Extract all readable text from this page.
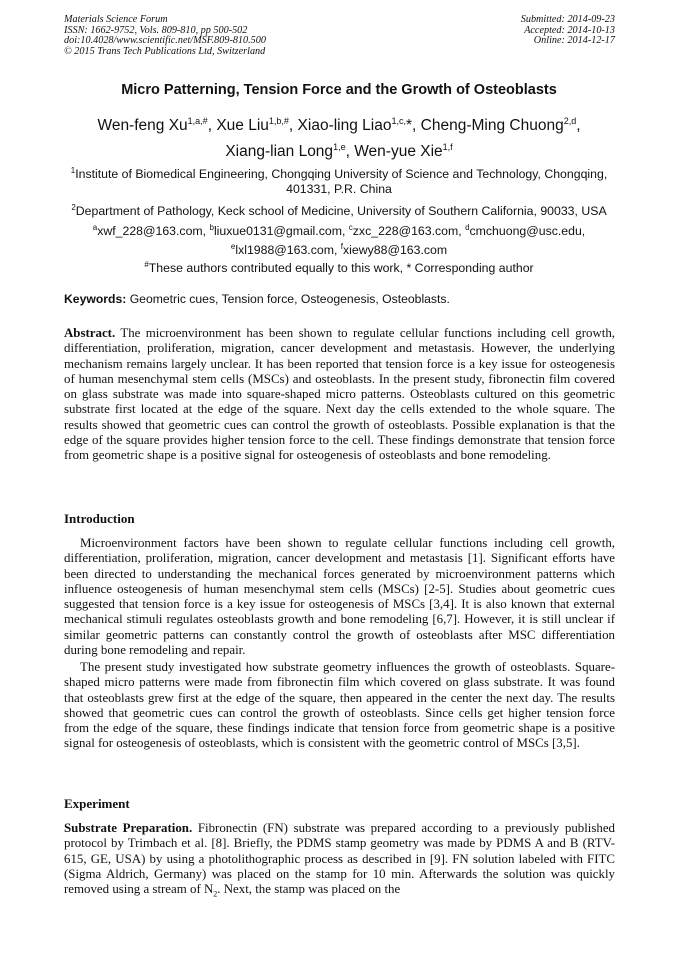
Materials Science Forum
ISSN: 1662-9752, Vols. 809-810, pp 500-502
doi:10.4028/www.scientific.net/MSF.809-810.500
© 2015 Trans Tech Publications Ltd, Switzerland
Submitted: 2014-09-23
Accepted: 2014-10-13
Online: 2014-12-17
Micro Patterning, Tension Force and the Growth of Osteoblasts
Wen-feng $Xu^{1,a,\#}$, Xue Liu$^{1,b,\#}$, Xiao-ling Liao$^{1,c,}$*, Cheng-Ming Chuong$^{2,d}$,
Xiang-lian Long$^{1,e}$, Wen-yue Xie$^{1,f}$
$^1$Institute of Biomedical Engineering, Chongqing University of Science and Technology, Chongqing, 401331, P.R. China
$^2$Department of Pathology, Keck school of Medicine, University of Southern California, 90033, USA
$^a$xwf_228@163.com, $^b$liuxue0131@gmail.com, $^c$zxc_228@163.com, $^d$cmchuong@usc.edu,
$^e$lxl1988@163.com, $^f$xiewy88@163.com
#These authors contributed equally to this work, * Corresponding author
Keywords: Geometric cues, Tension force, Osteogenesis, Osteoblasts.
Abstract. The microenvironment has been shown to regulate cellular functions including cell growth, differentiation, proliferation, migration, cancer development and metastasis. However, the underlying mechanism remains largely unclear. It has been reported that tension force is a key issue for osteogenesis of human mesenchymal stem cells (MSCs) and osteoblasts. In the present study, fibronectin film covered on glass substrate was made into square-shaped micro patterns. Osteoblasts cultured on this geometric substrate first located at the edge of the square. Next day the cells extended to the whole square. The results showed that geometric cues can control the growth of osteoblasts. Possible explanation is that the edge of the square provides higher tension force to the cell. These findings demonstrate that tension force from geometric shape is a positive signal for osteogenesis of osteoblasts and bone remodeling.
Introduction
Microenvironment factors have been shown to regulate cellular functions including cell growth, differentiation, proliferation, migration, cancer development and metastasis [1]. Significant efforts have been directed to understanding the mechanical forces generated by microenvironment patterns which influence osteogenesis of human mesenchymal stem cells (MSCs) [2-5]. Studies about geometric cues suggested that tension force is a key issue for osteogenesis of MSCs [3,4]. It is also known that external mechanical stimuli regulates osteoblasts growth and bone remodeling [6,7]. However, it is still unclear if similar geometric patterns can constantly control the growth of osteoblasts after MSC differentiation during bone remodeling and repair.
The present study investigated how substrate geometry influences the growth of osteoblasts. Square-shaped micro patterns were made from fibronectin film which covered on glass substrate. It was found that osteoblasts grew first at the edge of the square, then appeared in the center the next day. The results showed that geometric cues can control the growth of osteoblasts. Since cells get higher tension force from the edge of the square, these findings indicate that tension force from geometric shape is a positive signal for osteogenesis of osteoblasts, which is consistent with the geometric control of MSCs [3,5].
Experiment
Substrate Preparation. Fibronectin (FN) substrate was prepared according to a previously published protocol by Trimbach et al. [8]. Briefly, the PDMS stamp geometry was made by PDMS A and B (RTV-615, GE, USA) by using a photolithographic process as described in [9]. FN solution labeled with FITC (Sigma Aldrich, Germany) was placed on the stamp for 10 min. Afterwards the solution was quickly removed using a stream of $N_2$. Next, the stamp was placed on the
